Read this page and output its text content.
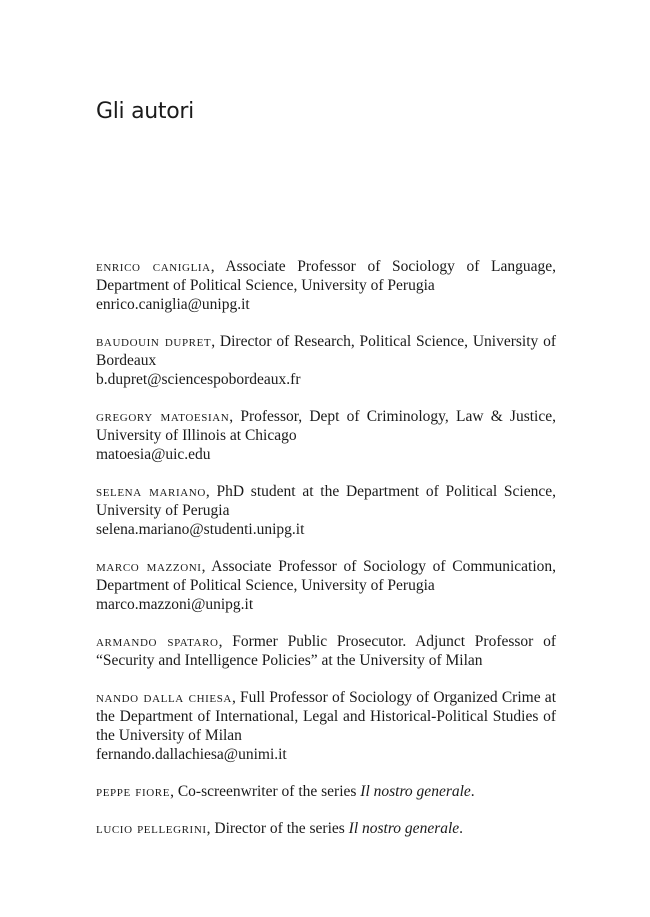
Gli autori
enrico caniglia, Associate Professor of Sociology of Language, Department of Political Science, University of Perugia
enrico.caniglia@unipg.it
baudouin dupret, Director of Research, Political Science, University of Bordeaux
b.dupret@sciencespobordeaux.fr
gregory matoesian, Professor, Dept of Criminology, Law & Justice, University of Illinois at Chicago
matoesia@uic.edu
selena mariano, PhD student at the Department of Political Science, University of Perugia
selena.mariano@studenti.unipg.it
marco mazzoni, Associate Professor of Sociology of Communication, Department of Political Science, University of Perugia
marco.mazzoni@unipg.it
armando spataro, Former Public Prosecutor. Adjunct Professor of “Security and Intelligence Policies” at the University of Milan
nando dalla chiesa, Full Professor of Sociology of Organized Crime at the Department of International, Legal and Historical-Political Studies of the University of Milan
fernando.dallachiesa@unimi.it
peppe fiore, Co-screenwriter of the series Il nostro generale.
lucio pellegrini, Director of the series Il nostro generale.
